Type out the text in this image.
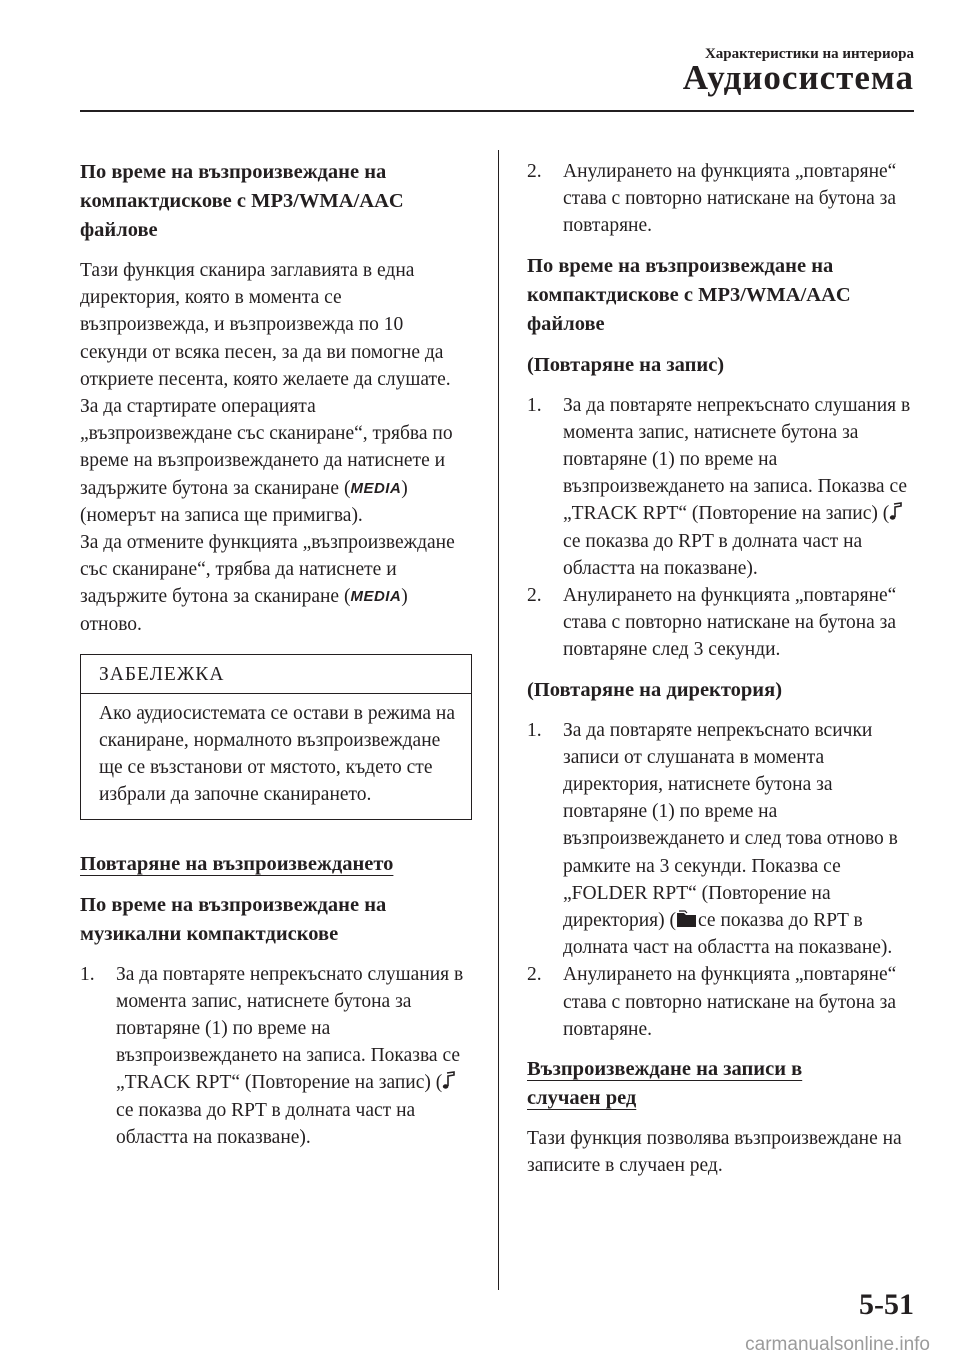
Характеристики на интериора
Аудиосистема
По време на възпроизвеждане на компактдискове с MP3/WMA/AAC файлове

Тази функция сканира заглавията в една директория, която в момента се възпроизвежда, и възпроизвежда по 10 секунди от всяка песен, за да ви помогне да откриете песента, която желаете да слушате. За да стартирате операцията „възпроизвеждане със сканиране“, трябва по време на възпроизвеждането да натиснете и задържите бутона за сканиране (MEDIA) (номерът на записа ще примигва).

За да отмените функцията „възпроизвеждане със сканиране“, трябва да натиснете и задържите бутона за сканиране (MEDIA) отново.

ЗАБЕЛЕЖКА
Ако аудиосистемата се остави в режима на сканиране, нормалното възпроизвеждане ще се възстанови от мястото, където сте избрали да започне сканирането.
Повтаряне на възпроизвеждането
По време на възпроизвеждане на музикални компактдискове
1. За да повтаряте непрекъснато слушания в момента запис, натиснете бутона за повтаряне (1) по време на възпроизвеждането на записа. Показва се „TRACK RPT“ (Повторение на запис) (се показва до RPT в долната част на областта на показване).
2. Анулирането на функцията „повтаряне“ става с повторно натискане на бутона за повтаряне.
По време на възпроизвеждане на компактдискове с MP3/WMA/AAC файлове
(Повтаряне на запис)
1. За да повтаряте непрекъснато слушания в момента запис, натиснете бутона за повтаряне (1) по време на възпроизвеждането на записа. Показва се „TRACK RPT“ (Повторение на запис) (се показва до RPT в долната част на областта на показване).
2. Анулирането на функцията „повтаряне“ става с повторно натискане на бутона за повтаряне след 3 секунди.
(Повтаряне на директория)
1. За да повтаряте непрекъснато всички записи от слушаната в момента директория, натиснете бутона за повтаряне (1) по време на възпроизвеждането и след това отново в рамките на 3 секунди. Показва се „FOLDER RPT“ (Повторение на директория) ( се показва до RPT в долната част на областта на показване).
2. Анулирането на функцията „повтаряне“ става с повторно натискане на бутона за повтаряне.
Възпроизвеждане на записи в случаен ред

Тази функция позволява възпроизвеждане на записите в случаен ред.

5-51
carmanualsonline.info
